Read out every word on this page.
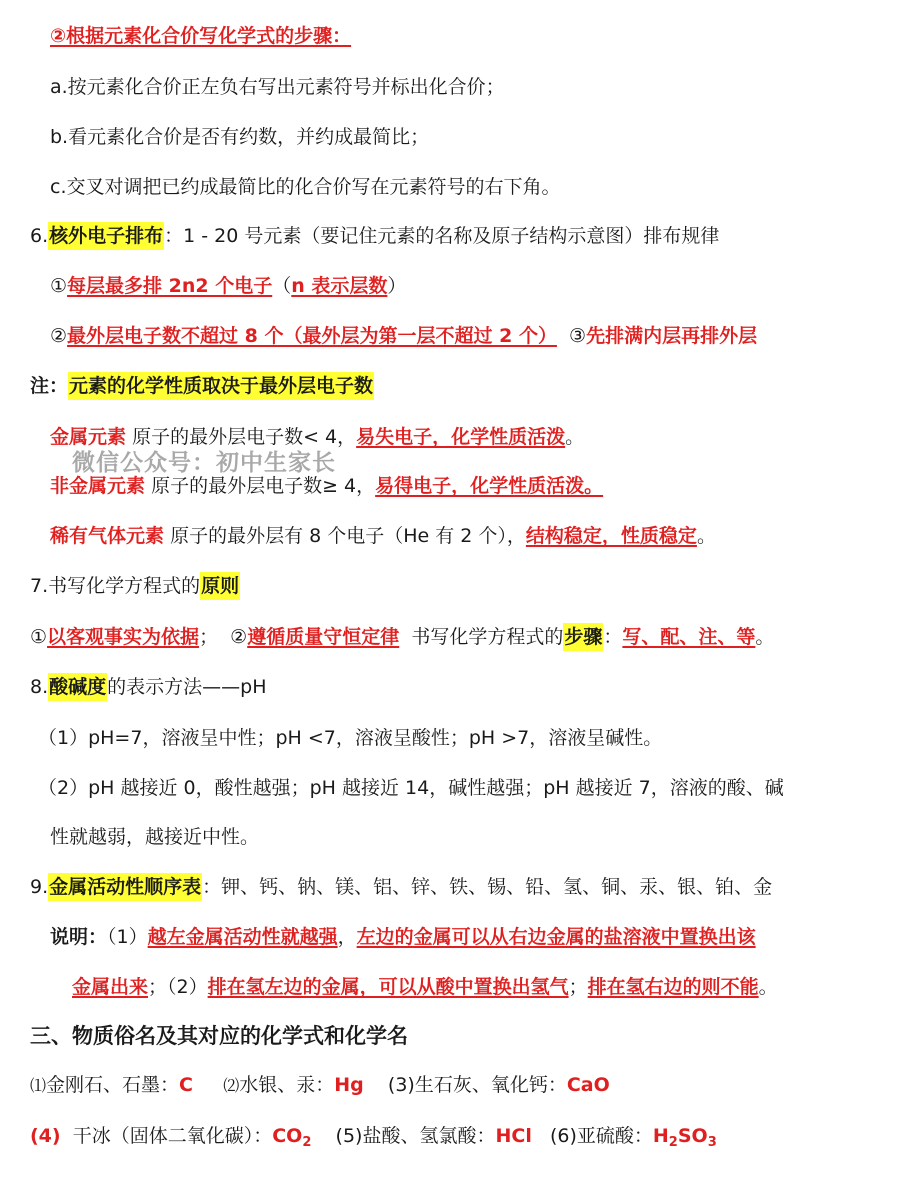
②根据元素化合价写化学式的步骤：
a.按元素化合价正左负右写出元素符号并标出化合价；
b.看元素化合价是否有约数，并约成最简比；
c.交叉对调把已约成最简比的化合价写在元素符号的右下角。
6.核外电子排布：1 - 20 号元素（要记住元素的名称及原子结构示意图）排布规律
①每层最多排 2n2 个电子（n 表示层数）
②最外层电子数不超过 8 个（最外层为第一层不超过 2 个） ③先排满内层再排外层
注：元素的化学性质取决于最外层电子数
金属元素 原子的最外层电子数< 4，易失电子，化学性质活泼。
微信公众号：初中生家长
非金属元素 原子的最外层电子数≥ 4，易得电子，化学性质活泼。
稀有气体元素 原子的最外层有 8 个电子（He 有 2 个），结构稳定，性质稳定。
7.书写化学方程式的原则
①以客观事实为依据； ②遵循质量守恒定律 书写化学方程式的步骤：写、配、注、等。
8.酸碱度的表示方法——pH
（1）pH=7，溶液呈中性；pH <7，溶液呈酸性；pH >7，溶液呈碱性。
（2）pH 越接近 0，酸性越强；pH 越接近 14，碱性越强；pH 越接近 7，溶液的酸、碱
性就越弱，越接近中性。
9.金属活动性顺序表：钾、钙、钠、镁、铝、锌、铁、锡、铅、氢、铜、汞、银、铂、金
说明：（1）越左金属活动性就越强，左边的金属可以从右边金属的盐溶液中置换出该
金属出来；（2）排在氢左边的金属，可以从酸中置换出氢气；排在氢右边的则不能。
三、物质俗名及其对应的化学式和化学名
⑴金刚石、石墨：C ⑵水银、汞：Hg (3)生石灰、氧化钙：CaO
(4) 干冰（固体二氧化碳）：$CO_2$ (5)盐酸、氢氯酸：HCl (6)亚硫酸：$H_2SO_3$
